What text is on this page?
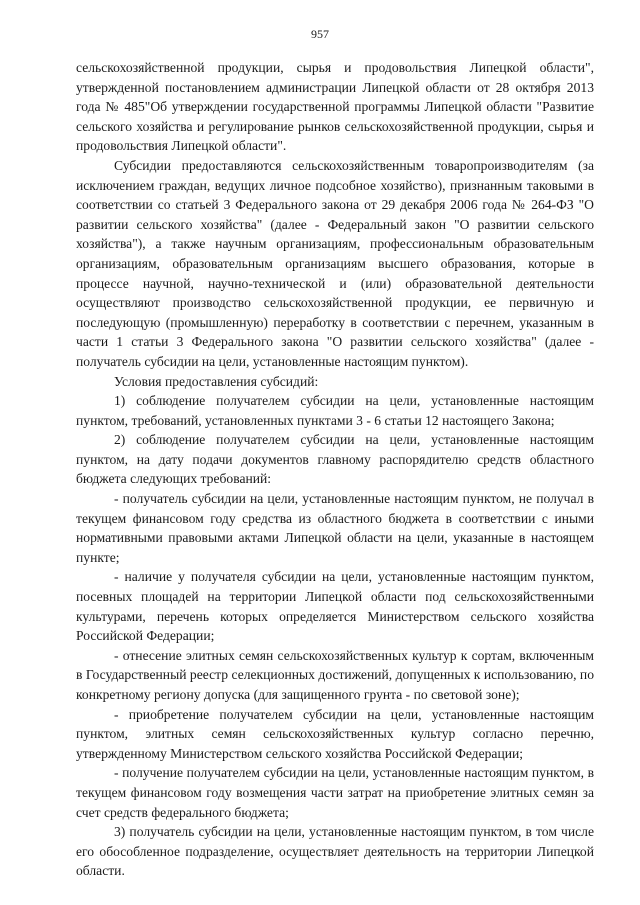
957

сельскохозяйственной продукции, сырья и продовольствия Липецкой области", утвержденной постановлением администрации Липецкой области от 28 октября 2013 года № 485"Об утверждении государственной программы Липецкой области "Развитие сельского хозяйства и регулирование рынков сельскохозяйственной продукции, сырья и продовольствия Липецкой области".

Субсидии предоставляются сельскохозяйственным товаропроизводителям (за исключением граждан, ведущих личное подсобное хозяйство), признанным таковыми в соответствии со статьей 3 Федерального закона от 29 декабря 2006 года № 264-ФЗ "О развитии сельского хозяйства" (далее - Федеральный закон "О развитии сельского хозяйства"), а также научным организациям, профессиональным образовательным организациям, образовательным организациям высшего образования, которые в процессе научной, научно-технической и (или) образовательной деятельности осуществляют производство сельскохозяйственной продукции, ее первичную и последующую (промышленную) переработку в соответствии с перечнем, указанным в части 1 статьи 3 Федерального закона "О развитии сельского хозяйства" (далее - получатель субсидии на цели, установленные настоящим пунктом).

Условия предоставления субсидий:

1) соблюдение получателем субсидии на цели, установленные настоящим пунктом, требований, установленных пунктами 3 - 6 статьи 12 настоящего Закона;

2) соблюдение получателем субсидии на цели, установленные настоящим пунктом, на дату подачи документов главному распорядителю средств областного бюджета следующих требований:

- получатель субсидии на цели, установленные настоящим пунктом, не получал в текущем финансовом году средства из областного бюджета в соответствии с иными нормативными правовыми актами Липецкой области на цели, указанные в настоящем пункте;

- наличие у получателя субсидии на цели, установленные настоящим пунктом, посевных площадей на территории Липецкой области под сельскохозяйственными культурами, перечень которых определяется Министерством сельского хозяйства Российской Федерации;

- отнесение элитных семян сельскохозяйственных культур к сортам, включенным в Государственный реестр селекционных достижений, допущенных к использованию, по конкретному региону допуска (для защищенного грунта - по световой зоне);

- приобретение получателем субсидии на цели, установленные настоящим пунктом, элитных семян сельскохозяйственных культур согласно перечню, утвержденному Министерством сельского хозяйства Российской Федерации;

- получение получателем субсидии на цели, установленные настоящим пунктом, в текущем финансовом году возмещения части затрат на приобретение элитных семян за счет средств федерального бюджета;

3) получатель субсидии на цели, установленные настоящим пунктом, в том числе его обособленное подразделение, осуществляет деятельность на территории Липецкой области.
